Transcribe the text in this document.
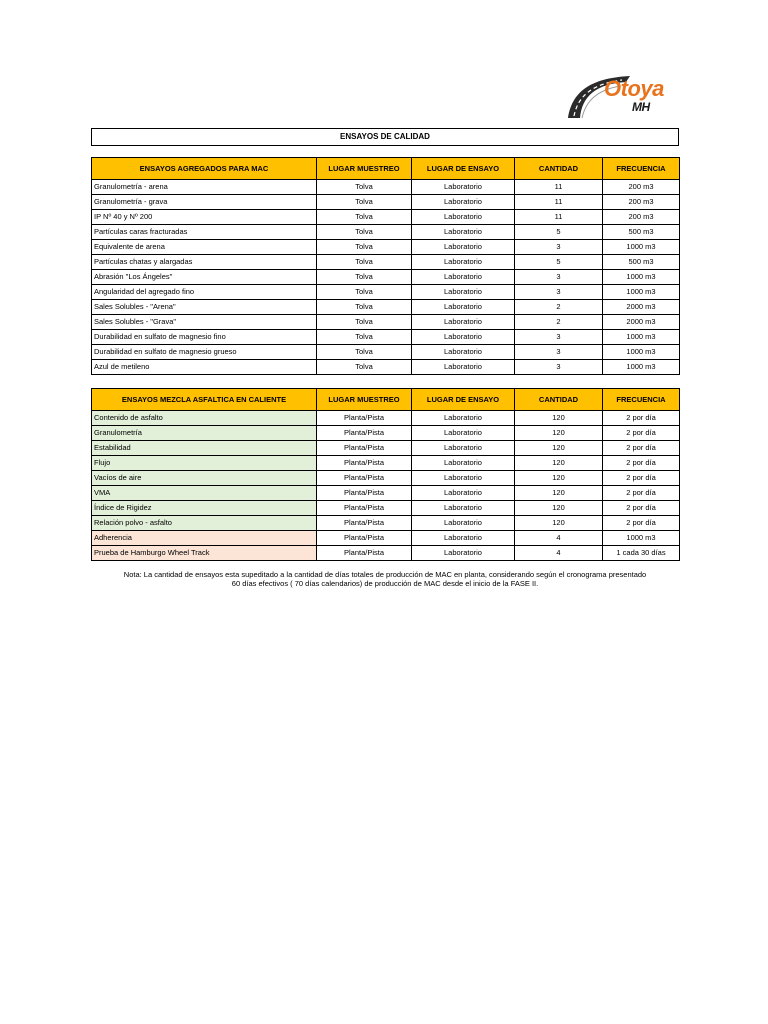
Otoya
MH
ENSAYOS DE CALIDAD
ENSAYOS AGREGADOS PARA MAC	LUGAR MUESTREO	LUGAR DE ENSAYO	CANTIDAD	FRECUENCIA
Granulometría - arena	Tolva	Laboratorio	11	200 m3
Granulometría - grava	Tolva	Laboratorio	11	200 m3
IP Nº 40 y Nº 200	Tolva	Laboratorio	11	200 m3
Partículas caras fracturadas	Tolva	Laboratorio	5	500 m3
Equivalente de arena	Tolva	Laboratorio	3	1000 m3
Partículas chatas y alargadas	Tolva	Laboratorio	5	500 m3
Abrasión "Los Ángeles"	Tolva	Laboratorio	3	1000 m3
Angularidad del agregado fino	Tolva	Laboratorio	3	1000 m3
Sales Solubles - "Arena"	Tolva	Laboratorio	2	2000 m3
Sales Solubles - "Grava"	Tolva	Laboratorio	2	2000 m3
Durabilidad en sulfato de magnesio fino	Tolva	Laboratorio	3	1000 m3
Durabilidad en sulfato de magnesio grueso	Tolva	Laboratorio	3	1000 m3
Azul de metileno	Tolva	Laboratorio	3	1000 m3
ENSAYOS MEZCLA ASFALTICA EN CALIENTE	LUGAR MUESTREO	LUGAR DE ENSAYO	CANTIDAD	FRECUENCIA
Contenido de asfalto	Planta/Pista	Laboratorio	120	2 por día
Granulometría	Planta/Pista	Laboratorio	120	2 por día
Estabilidad	Planta/Pista	Laboratorio	120	2 por día
Flujo	Planta/Pista	Laboratorio	120	2 por día
Vacíos de aire	Planta/Pista	Laboratorio	120	2 por día
VMA	Planta/Pista	Laboratorio	120	2 por día
Índice de Rigidez	Planta/Pista	Laboratorio	120	2 por día
Relación polvo - asfalto	Planta/Pista	Laboratorio	120	2 por día
Adherencia	Planta/Pista	Laboratorio	4	1000 m3
Prueba de Hamburgo Wheel Track	Planta/Pista	Laboratorio	4	1 cada 30 días
Nota: La cantidad de ensayos esta supeditado a la cantidad de días totales de producción de MAC en planta, considerando según el cronograma presentado
60 días efectivos ( 70 días calendarios) de producción de MAC desde el inicio de la FASE II.
